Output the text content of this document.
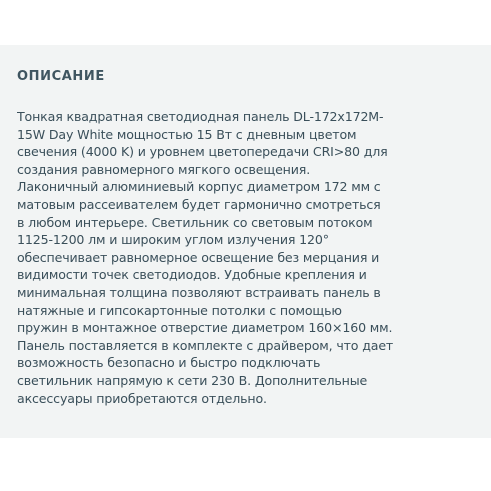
ОПИСАНИЕ

Тонкая квадратная светодиодная панель DL-172x172M-
15W Day White мощностью 15 Вт с дневным цветом
свечения (4000 K) и уровнем цветопередачи CRI>80 для
создания равномерного мягкого освещения.
Лаконичный алюминиевый корпус диаметром 172 мм с
матовым рассеивателем будет гармонично смотреться
в любом интерьере. Светильник со световым потоком
1125-1200 лм и широким углом излучения 120°
обеспечивает равномерное освещение без мерцания и
видимости точек светодиодов. Удобные крепления и
минимальная толщина позволяют встраивать панель в
натяжные и гипсокартонные потолки с помощью
пружин в монтажное отверстие диаметром 160×160 мм.
Панель поставляется в комплекте с драйвером, что дает
возможность безопасно и быстро подключать
светильник напрямую к сети 230 В. Дополнительные
аксессуары приобретаются отдельно.
